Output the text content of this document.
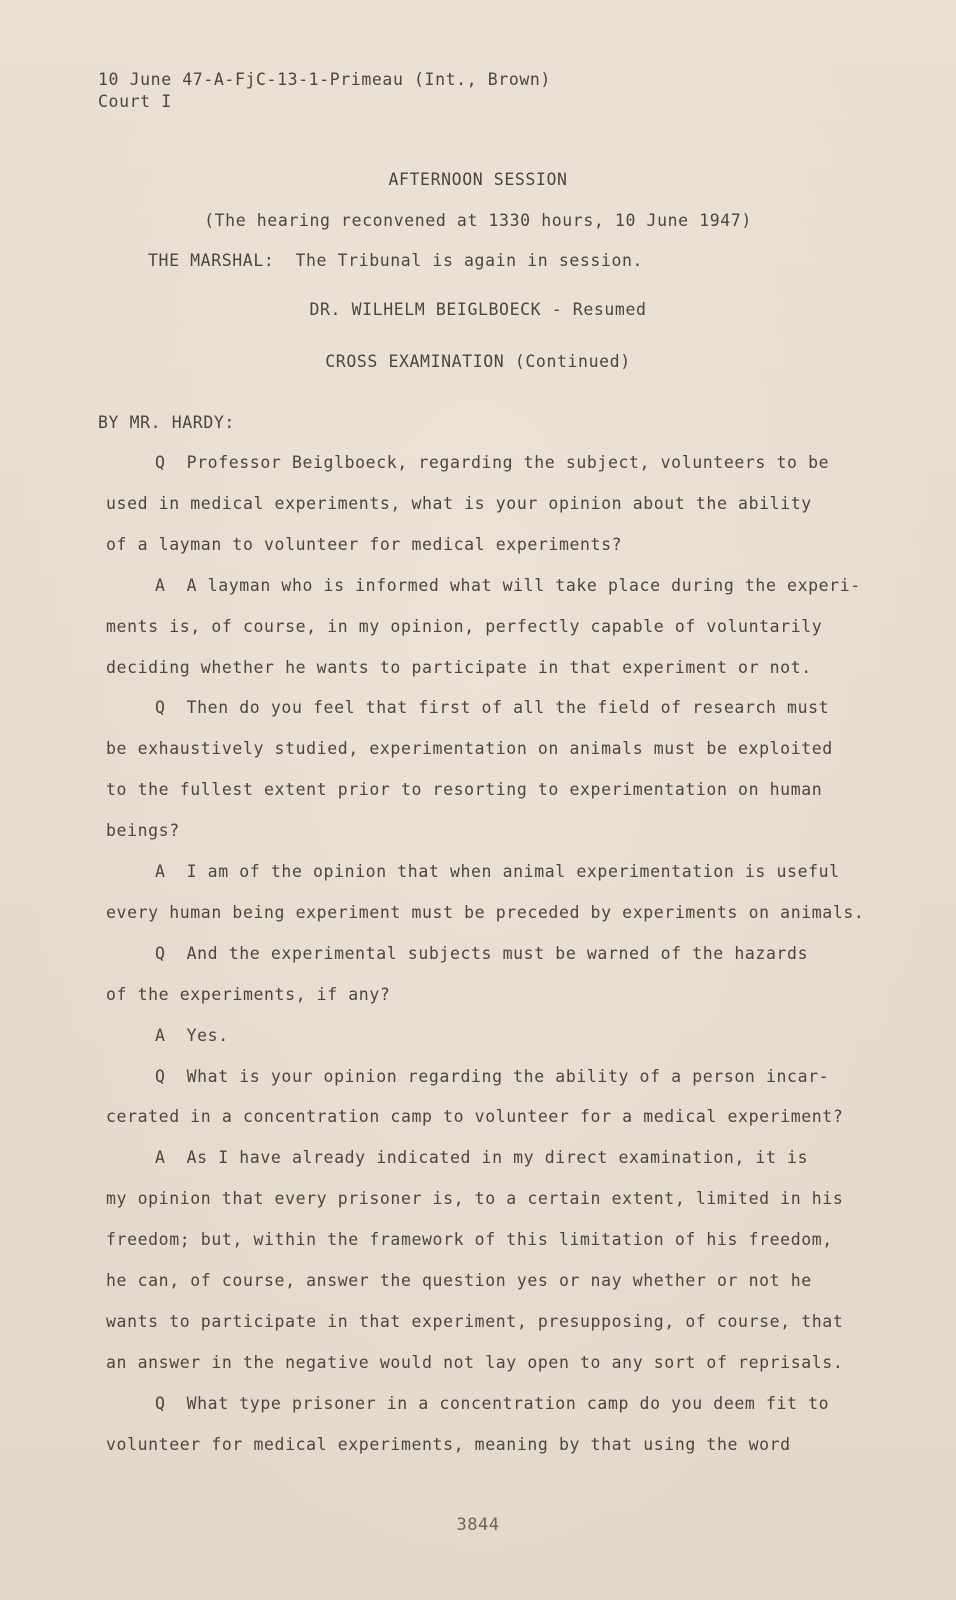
10 June 47-A-FjC-13-1-Primeau (Int., Brown)
Court I
AFTERNOON SESSION
(The hearing reconvened at 1330 hours, 10 June 1947)
THE MARSHAL:  The Tribunal is again in session.
DR. WILHELM BEIGLBOECK - Resumed
CROSS EXAMINATION (Continued)
BY MR. HARDY:
Q  Professor Beiglboeck, regarding the subject, volunteers to be
used in medical experiments, what is your opinion about the ability
of a layman to volunteer for medical experiments?
A  A layman who is informed what will take place during the experi-
ments is, of course, in my opinion, perfectly capable of voluntarily
deciding whether he wants to participate in that experiment or not.
Q  Then do you feel that first of all the field of research must
be exhaustively studied, experimentation on animals must be exploited
to the fullest extent prior to resorting to experimentation on human
beings?
A  I am of the opinion that when animal experimentation is useful
every human being experiment must be preceded by experiments on animals.
Q  And the experimental subjects must be warned of the hazards
of the experiments, if any?
A  Yes.
Q  What is your opinion regarding the ability of a person incar-
cerated in a concentration camp to volunteer for a medical experiment?
A  As I have already indicated in my direct examination, it is
my opinion that every prisoner is, to a certain extent, limited in his
freedom; but, within the framework of this limitation of his freedom,
he can, of course, answer the question yes or nay whether or not he
wants to participate in that experiment, presupposing, of course, that
an answer in the negative would not lay open to any sort of reprisals.
Q  What type prisoner in a concentration camp do you deem fit to
volunteer for medical experiments, meaning by that using the word
3844
